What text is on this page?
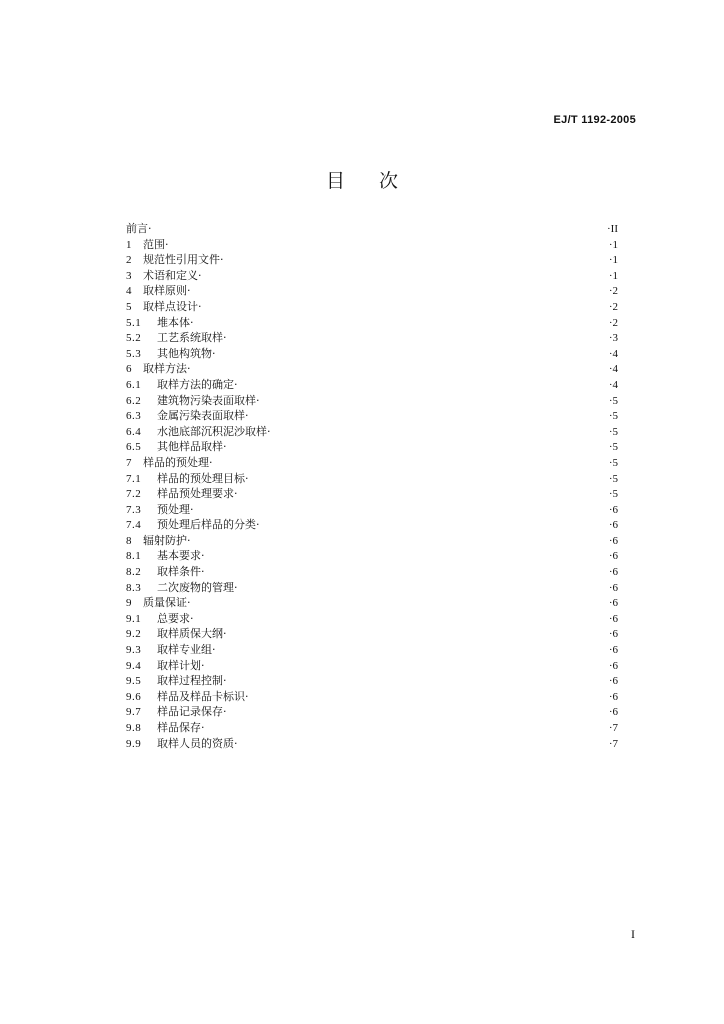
EJ/T 1192-2005
目 次
前言 ·	· II
1	范围 ·	· 1
2	规范性引用文件 ·	· 1
3	术语和定义 ·	· 1
4	取样原则 ·	· 2
5	取样点设计 ·	· 2
5.1	堆本体 ·	· 2
5.2	工艺系统取样 ·	· 3
5.3	其他构筑物 ·	· 4
6	取样方法 ·	· 4
6.1	取样方法的确定 ·	· 4
6.2	建筑物污染表面取样 ·	· 5
6.3	金属污染表面取样 ·	· 5
6.4	水池底部沉积泥沙取样 ·	· 5
6.5	其他样品取样 ·	· 5
7	样品的预处理 ·	· 5
7.1	样品的预处理目标 ·	· 5
7.2	样品预处理要求 ·	· 5
7.3	预处理 ·	· 6
7.4	预处理后样品的分类 ·	· 6
8	辐射防护 ·	· 6
8.1	基本要求 ·	· 6
8.2	取样条件 ·	· 6
8.3	二次废物的管理 ·	· 6
9	质量保证 ·	· 6
9.1	总要求 ·	· 6
9.2	取样质保大纲 ·	· 6
9.3	取样专业组 ·	· 6
9.4	取样计划 ·	· 6
9.5	取样过程控制 ·	· 6
9.6	样品及样品卡标识 ·	· 6
9.7	样品记录保存 ·	· 6
9.8	样品保存 ·	· 7
9.9	取样人员的资质 ·	· 7
I
